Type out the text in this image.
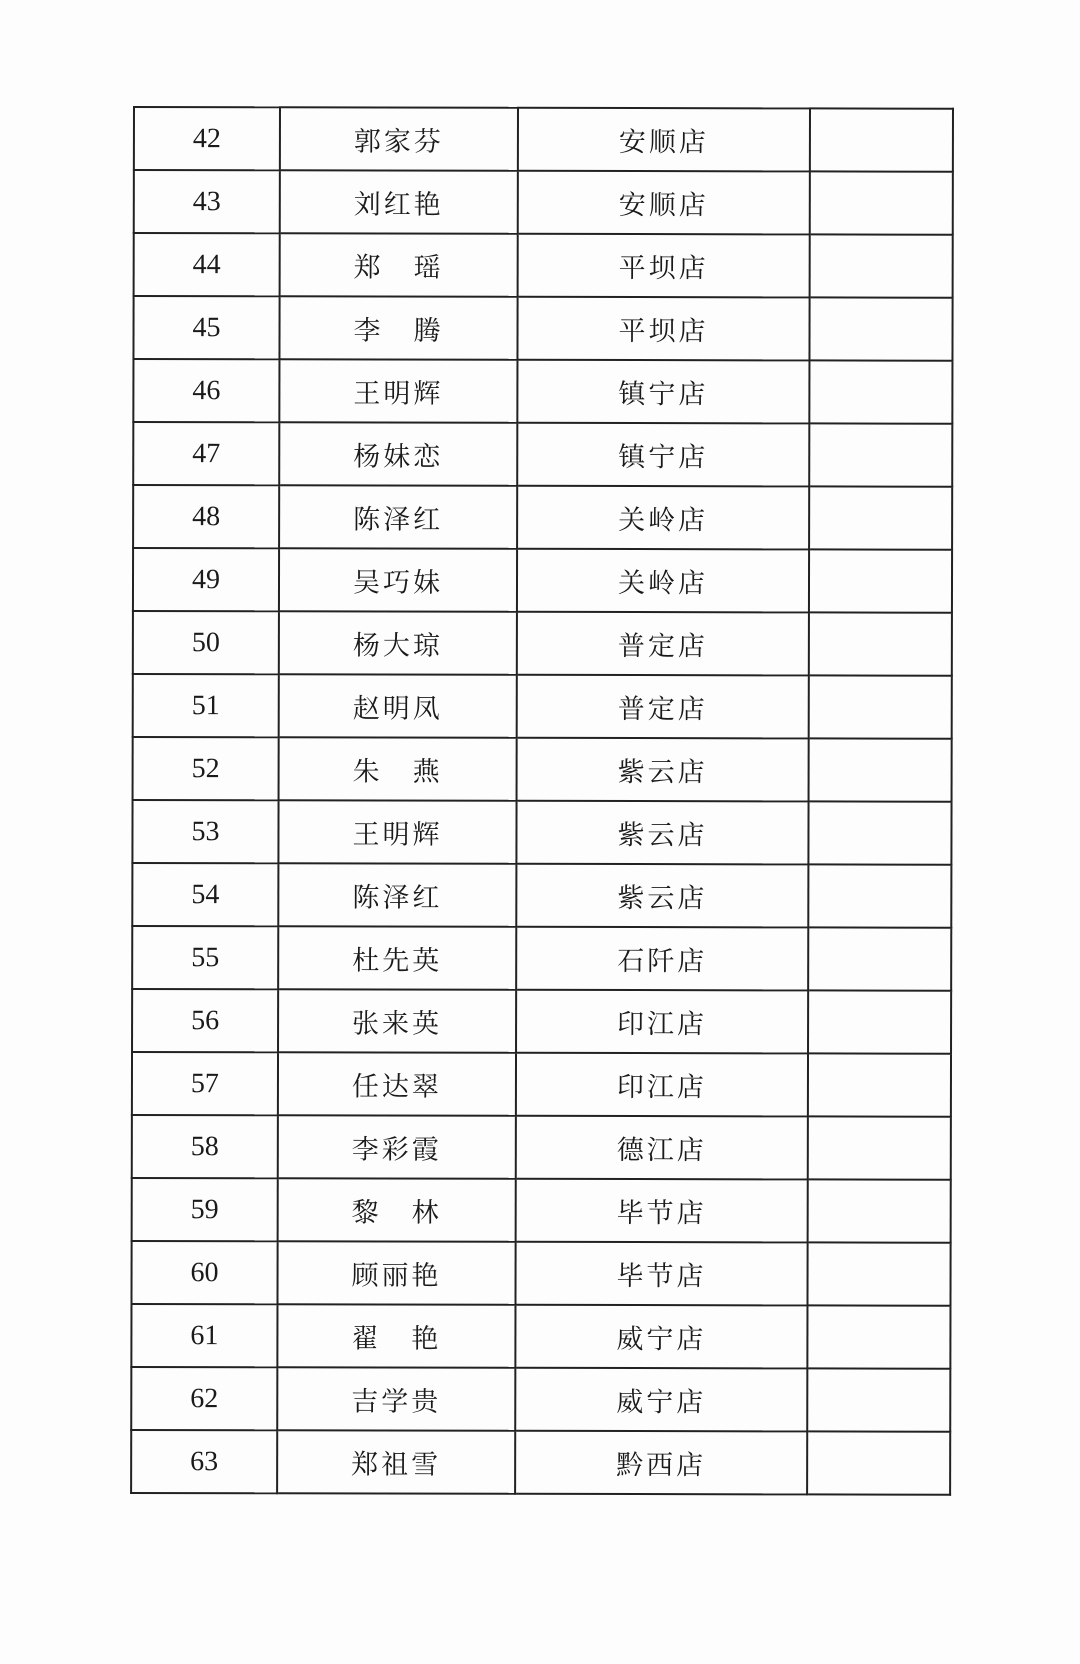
42	郭家芬	安顺店	
43	刘红艳	安顺店	
44	郑　瑶	平坝店	
45	李　腾	平坝店	
46	王明辉	镇宁店	
47	杨妹恋	镇宁店	
48	陈泽红	关岭店	
49	吴巧妹	关岭店	
50	杨大琼	普定店	
51	赵明凤	普定店	
52	朱　燕	紫云店	
53	王明辉	紫云店	
54	陈泽红	紫云店	
55	杜先英	石阡店	
56	张来英	印江店	
57	任达翠	印江店	
58	李彩霞	德江店	
59	黎　林	毕节店	
60	顾丽艳	毕节店	
61	翟　艳	威宁店	
62	吉学贵	威宁店	
63	郑祖雪	黔西店	
